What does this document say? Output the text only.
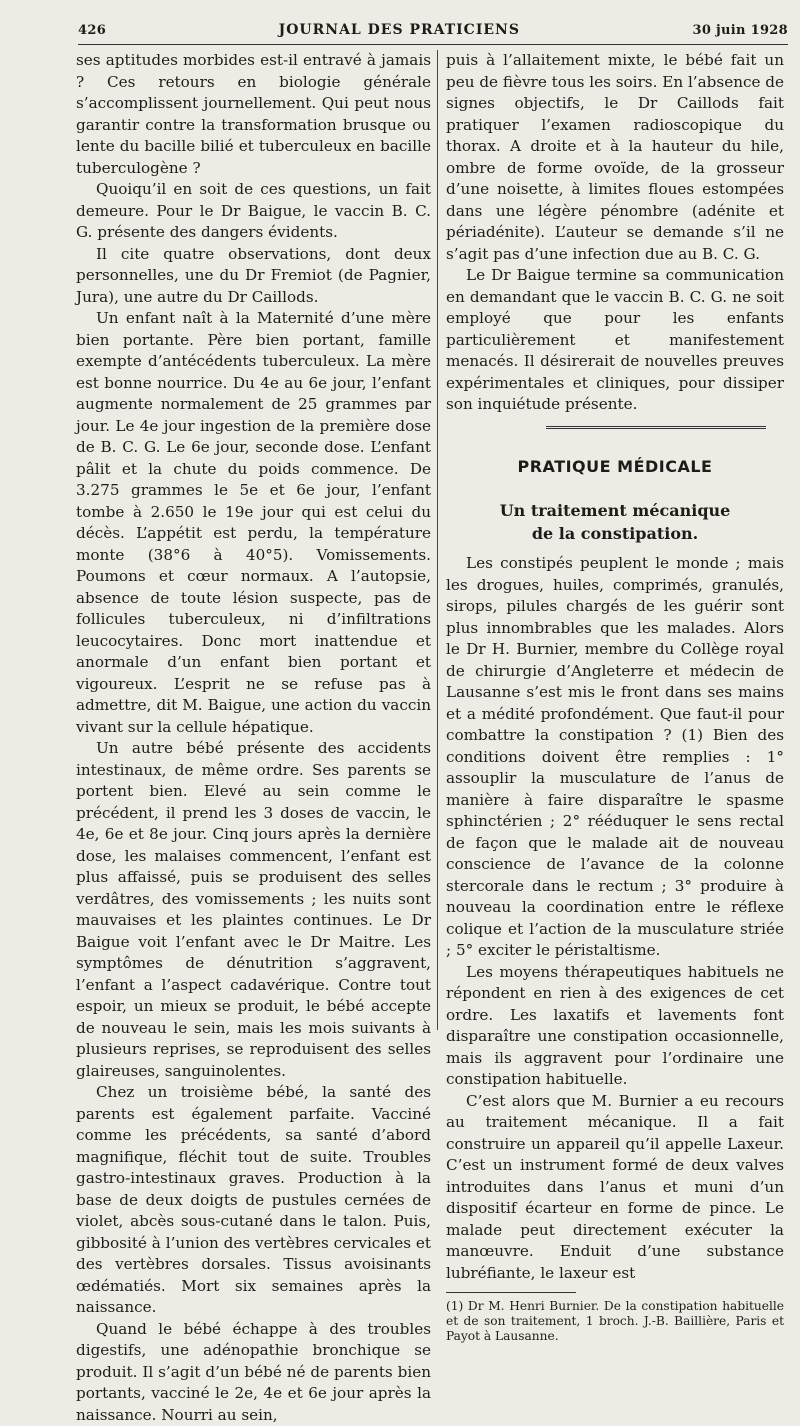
426	JOURNAL DES PRATICIENS	30 juin 1928

ses aptitudes morbides est-il entravé à jamais ? Ces retours en biologie générale s’accomplissent journellement. Qui peut nous garantir contre la transformation brusque ou lente du bacille bilié et tuberculeux en bacille tuberculogène ?

Quoiqu’il en soit de ces questions, un fait demeure. Pour le Dr Baigue, le vaccin B. C. G. présente des dangers évidents.

Il cite quatre observations, dont deux personnelles, une du Dr Fremiot (de Pagnier, Jura), une autre du Dr Caillods.

Un enfant naît à la Maternité d’une mère bien portante. Père bien portant, famille exempte d’antécédents tuberculeux. La mère est bonne nourrice. Du 4e au 6e jour, l’enfant augmente normalement de 25 grammes par jour. Le 4e jour ingestion de la première dose de B. C. G. Le 6e jour, seconde dose. L’enfant pâlit et la chute du poids commence. De 3.275 grammes le 5e et 6e jour, l’enfant tombe à 2.650 le 19e jour qui est celui du décès. L’appétit est perdu, la température monte (38°6 à 40°5). Vomissements. Poumons et cœur normaux. A l’autopsie, absence de toute lésion suspecte, pas de follicules tuberculeux, ni d’infiltrations leucocytaires. Donc mort inattendue et anormale d’un enfant bien portant et vigoureux. L’esprit ne se refuse pas à admettre, dit M. Baigue, une action du vaccin vivant sur la cellule hépatique.

Un autre bébé présente des accidents intestinaux, de même ordre. Ses parents se portent bien. Elevé au sein comme le précédent, il prend les 3 doses de vaccin, le 4e, 6e et 8e jour. Cinq jours après la dernière dose, les malaises commencent, l’enfant est plus affaissé, puis se produisent des selles verdâtres, des vomissements ; les nuits sont mauvaises et les plaintes continues. Le Dr Baigue voit l’enfant avec le Dr Maitre. Les symptômes de dénutrition s’aggravent, l’enfant a l’aspect cadavérique. Contre tout espoir, un mieux se produit, le bébé accepte de nouveau le sein, mais les mois suivants à plusieurs reprises, se reproduisent des selles glaireuses, sanguinolentes.

Chez un troisième bébé, la santé des parents est également parfaite. Vacciné comme les précédents, sa santé d’abord magnifique, fléchit tout de suite. Troubles gastro-intestinaux graves. Production à la base de deux doigts de pustules cernées de violet, abcès sous-cutané dans le talon. Puis, gibbosité à l’union des vertèbres cervicales et des vertèbres dorsales. Tissus avoisinants œdématiés. Mort six semaines après la naissance.

Quand le bébé échappe à des troubles digestifs, une adénopathie bronchique se produit. Il s’agit d’un bébé né de parents bien portants, vacciné le 2e, 4e et 6e jour après la naissance. Nourri au sein,

puis à l’allaitement mixte, le bébé fait un peu de fièvre tous les soirs. En l’absence de signes objectifs, le Dr Caillods fait pratiquer l’examen radioscopique du thorax. A droite et à la hauteur du hile, ombre de forme ovoïde, de la grosseur d’une noisette, à limites floues estompées dans une légère pénombre (adénite et périadénite). L’auteur se demande s’il ne s’agit pas d’une infection due au B. C. G.

Le Dr Baigue termine sa communication en demandant que le vaccin B. C. G. ne soit employé que pour les enfants particulièrement et manifestement menacés. Il désirerait de nouvelles preuves expérimentales et cliniques, pour dissiper son inquiétude présente.

PRATIQUE MÉDICALE
Un traitement mécanique
de la constipation.

Les constipés peuplent le monde ; mais les drogues, huiles, comprimés, granulés, sirops, pilules chargés de les guérir sont plus innombrables que les malades. Alors le Dr H. Burnier, membre du Collège royal de chirurgie d’Angleterre et médecin de Lausanne s’est mis le front dans ses mains et a médité profondément. Que faut-il pour combattre la constipation ? (1) Bien des conditions doivent être remplies : 1° assouplir la musculature de l’anus de manière à faire disparaître le spasme sphinctérien ; 2° rééduquer le sens rectal de façon que le malade ait de nouveau conscience de l’avance de la colonne stercorale dans le rectum ; 3° produire à nouveau la coordination entre le réflexe colique et l’action de la musculature striée ; 5° exciter le péristaltisme.

Les moyens thérapeutiques habituels ne répondent en rien à des exigences de cet ordre. Les laxatifs et lavements font disparaître une constipation occasionnelle, mais ils aggravent pour l’ordinaire une constipation habituelle.

C’est alors que M. Burnier a eu recours au traitement mécanique. Il a fait construire un appareil qu’il appelle Laxeur. C’est un instrument formé de deux valves introduites dans l’anus et muni d’un dispositif écarteur en forme de pince. Le malade peut directement exécuter la manœuvre. Enduit d’une substance lubréfiante, le laxeur est

(1) Dr M. Henri Burnier. De la constipation habituelle et de son traitement, 1 broch. J.-B. Baillière, Paris et Payot à Lausanne.
